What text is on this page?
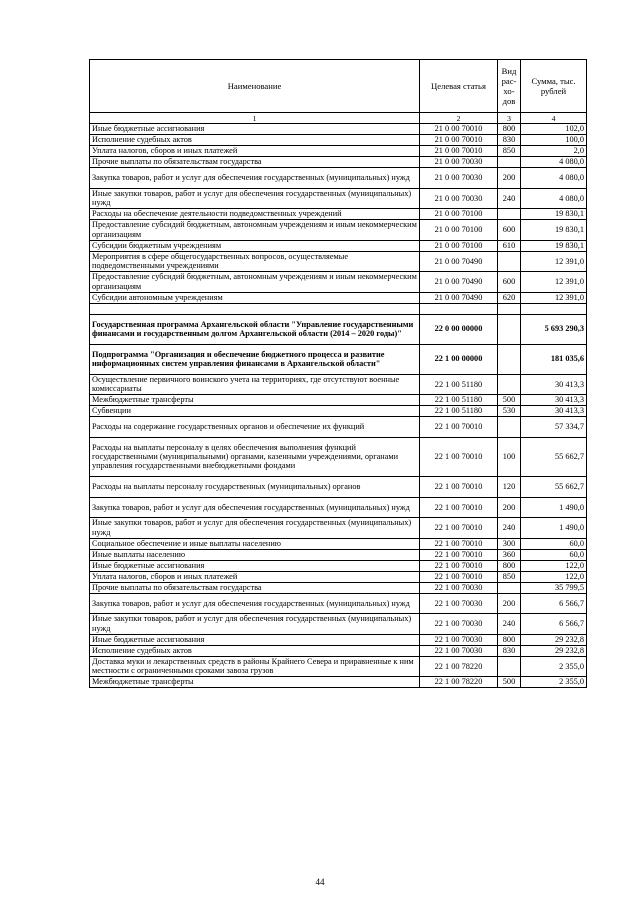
Наименование	Целевая статья	Вид рас-хо-дов	Сумма, тыс. рублей
1	2	3	4
Иные бюджетные ассигнования	21 0 00 70010	800	102,0
Исполнение судебных актов	21 0 00 70010	830	100,0
Уплата налогов, сборов и иных платежей	21 0 00 70010	850	2,0
Прочие выплаты по обязательствам государства	21 0 00 70030		4 080,0
Закупка товаров, работ и услуг для обеспечения государственных (муниципальных) нужд	21 0 00 70030	200	4 080,0
Иные закупки товаров, работ и услуг для обеспечения государственных (муниципальных) нужд	21 0 00 70030	240	4 080,0
Расходы на обеспечение деятельности подведомственных учреждений	21 0 00 70100		19 830,1
Предоставление субсидий бюджетным, автономным учреждениям и иным некоммерческим организациям	21 0 00 70100	600	19 830,1
Субсидии бюджетным учреждениям	21 0 00 70100	610	19 830,1
Мероприятия в сфере общегосударственных вопросов, осуществляемые подведомственными учреждениями	21 0 00 70490		12 391,0
Предоставление субсидий бюджетным, автономным учреждениям и иным некоммерческим организациям	21 0 00 70490	600	12 391,0
Субсидии автономным учреждениям	21 0 00 70490	620	12 391,0

Государственная программа Архангельской области "Управление государственными финансами и государственным долгом Архангельской области (2014 – 2020 годы)"	22 0 00 00000		5 693 290,3
Подпрограмма "Организация и обеспечение бюджетного процесса и развитие информационных систем управления финансами в Архангельской области"	22 1 00 00000		181 035,6
Осуществление первичного воинского учета на территориях, где отсутствуют военные комиссариаты	22 1 00 51180		30 413,3
Межбюджетные трансферты	22 1 00 51180	500	30 413,3
Субвенции	22 1 00 51180	530	30 413,3
Расходы на содержание государственных органов и обеспечение их функций	22 1 00 70010		57 334,7
Расходы на выплаты персоналу в целях обеспечения выполнения функций государственными (муниципальными) органами, казенными учреждениями, органами управления государственными внебюджетными фондами	22 1 00 70010	100	55 662,7
Расходы на выплаты персоналу государственных (муниципальных) органов	22 1 00 70010	120	55 662,7
Закупка товаров, работ и услуг для обеспечения государственных (муниципальных) нужд	22 1 00 70010	200	1 490,0
Иные закупки товаров, работ и услуг для обеспечения государственных (муниципальных) нужд	22 1 00 70010	240	1 490,0
Социальное обеспечение и иные выплаты населению	22 1 00 70010	300	60,0
Иные выплаты населению	22 1 00 70010	360	60,0
Иные бюджетные ассигнования	22 1 00 70010	800	122,0
Уплата налогов, сборов и иных платежей	22 1 00 70010	850	122,0
Прочие выплаты по обязательствам государства	22 1 00 70030		35 799,5
Закупка товаров, работ и услуг для обеспечения государственных (муниципальных) нужд	22 1 00 70030	200	6 566,7
Иные закупки товаров, работ и услуг для обеспечения государственных (муниципальных) нужд	22 1 00 70030	240	6 566,7
Иные бюджетные ассигнования	22 1 00 70030	800	29 232,8
Исполнение судебных актов	22 1 00 70030	830	29 232,8
Доставка муки и лекарственных средств в районы Крайнего Севера и приравненные к ним местности с ограниченными сроками завоза грузов	22 1 00 78220		2 355,0
Межбюджетные трансферты	22 1 00 78220	500	2 355,0
44
